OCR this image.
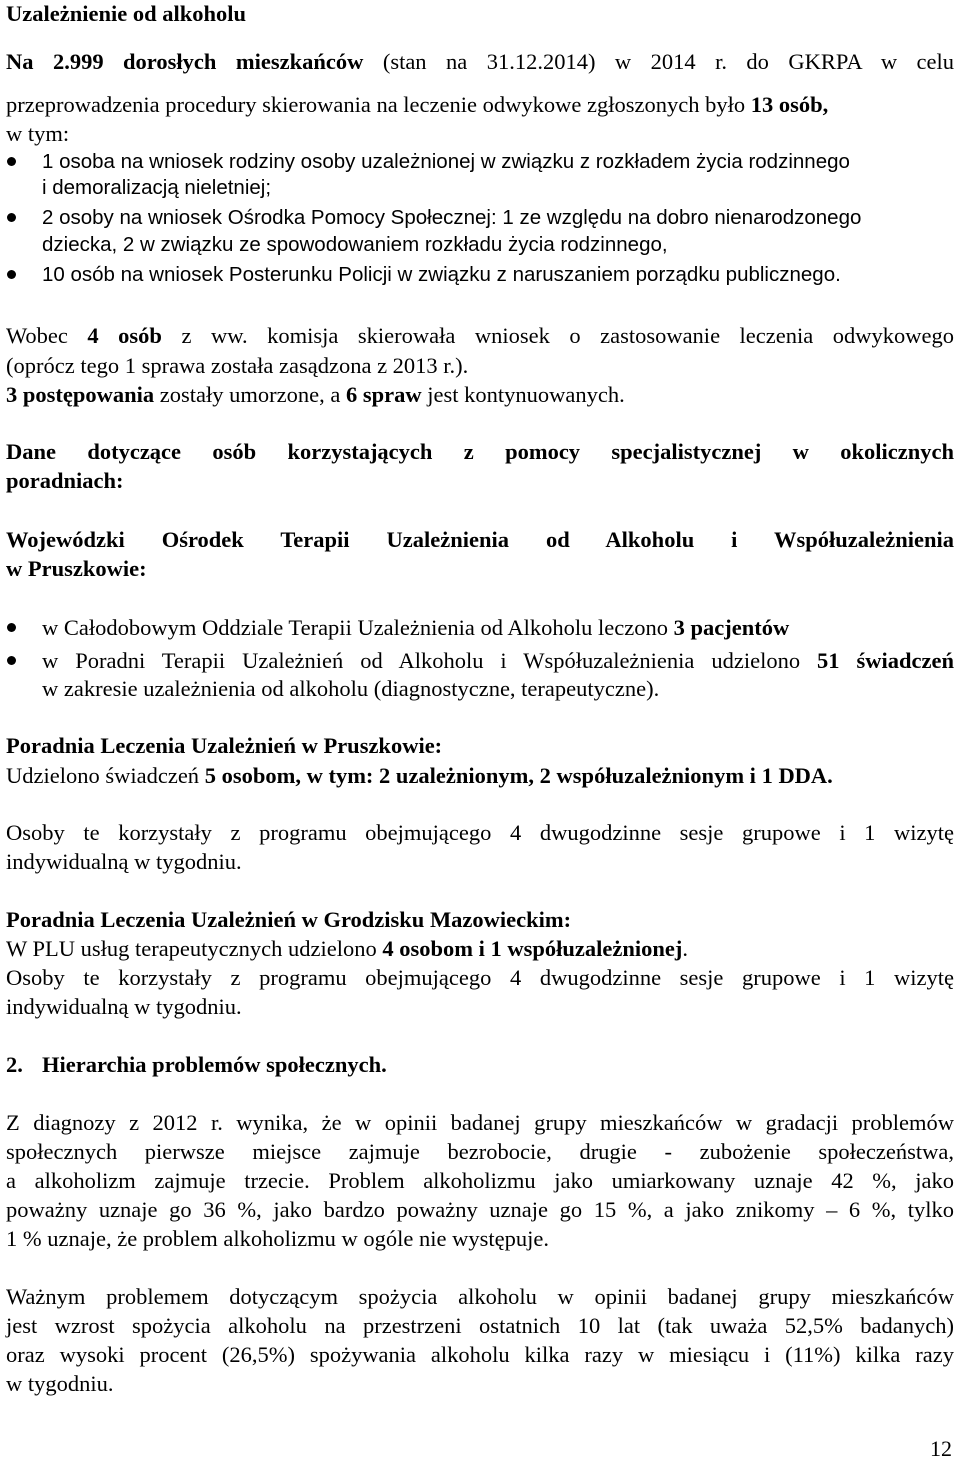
Uzależnienie od alkoholu
Na 2.999 dorosłych mieszkańców (stan na 31.12.2014) w 2014 r. do GKRPA w celu
przeprowadzenia procedury skierowania na leczenie odwykowe zgłoszonych było 13 osób,
w tym:
1 osoba na wniosek rodziny osoby uzależnionej w związku z rozkładem życia rodzinnego
i demoralizacją nieletniej;
2 osoby na wniosek Ośrodka Pomocy Społecznej: 1 ze względu na dobro nienarodzonego
dziecka, 2 w związku ze spowodowaniem rozkładu życia rodzinnego,
10 osób na wniosek Posterunku Policji w związku z naruszaniem porządku publicznego.
Wobec 4 osób z ww. komisja skierowała wniosek o zastosowanie leczenia odwykowego
(oprócz tego 1 sprawa została zasądzona z 2013 r.).
3 postępowania zostały umorzone, a 6 spraw jest kontynuowanych.
Dane dotyczące osób korzystających z pomocy specjalistycznej w okolicznych
poradniach:
Wojewódzki Ośrodek Terapii Uzależnienia od Alkoholu i Współuzależnienia
w Pruszkowie:
w Całodobowym Oddziale Terapii Uzależnienia od Alkoholu leczono 3 pacjentów
w Poradni Terapii Uzależnień od Alkoholu i Współuzależnienia udzielono 51 świadczeń
w zakresie uzależnienia od alkoholu (diagnostyczne, terapeutyczne).
Poradnia Leczenia Uzależnień w Pruszkowie:
Udzielono świadczeń 5 osobom, w tym: 2 uzależnionym, 2 współuzależnionym i 1 DDA.
Osoby te korzystały z programu obejmującego 4 dwugodzinne sesje grupowe i 1 wizytę
indywidualną w tygodniu.
Poradnia Leczenia Uzależnień w Grodzisku Mazowieckim:
W PLU usług terapeutycznych udzielono 4 osobom i 1 współuzależnionej.
Osoby te korzystały z programu obejmującego 4 dwugodzinne sesje grupowe i 1 wizytę
indywidualną w tygodniu.
2. Hierarchia problemów społecznych.
Z diagnozy z 2012 r. wynika, że w opinii badanej grupy mieszkańców w gradacji problemów
społecznych pierwsze miejsce zajmuje bezrobocie, drugie - zubożenie społeczeństwa,
a alkoholizm zajmuje trzecie. Problem alkoholizmu jako umiarkowany uznaje 42 %, jako
poważny uznaje go 36 %, jako bardzo poważny uznaje go 15 %, a jako znikomy – 6 %, tylko
1 % uznaje, że problem alkoholizmu w ogóle nie występuje.
Ważnym problemem dotyczącym spożycia alkoholu w opinii badanej grupy mieszkańców
jest wzrost spożycia alkoholu na przestrzeni ostatnich 10 lat (tak uważa 52,5% badanych)
oraz wysoki procent (26,5%) spożywania alkoholu kilka razy w miesiącu i (11%) kilka razy
w tygodniu.
12
